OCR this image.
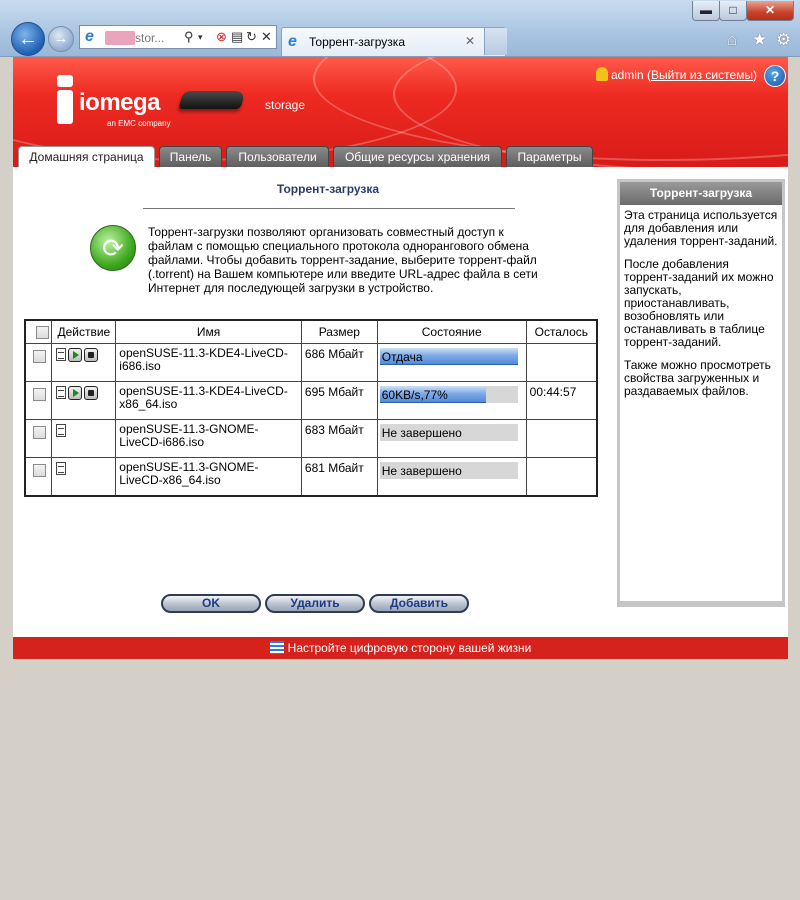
▬	□	✕
←	→	e http://stor... ⚲ ▾ ⊗ ▤ ↻ ✕ e	Торрент-загрузка	✕	⌂ ★ ⚙
iomega
an EMC company
storage
admin (Выйти из системы) ?
Домашняя страница	Панель	Пользователи	Общие ресурсы хранения	Параметры
Торрент-загрузка
⟳
Торрент-загрузки позволяют организовать совместный доступ к файлам с помощью специального протокола однорангового обмена файлами. Чтобы добавить торрент-задание, выберите торрент-файл (.torrent) на Вашем компьютере или введите URL-адрес файла в сети Интернет для последующей загрузки в устройство.
	Действие	Имя	Размер	Состояние	Осталось
		openSUSE-11.3-KDE4-LiveCD-i686.iso	686 Мбайт	Отдача	

		openSUSE-11.3-KDE4-LiveCD-x86_64.iso	695 Мбайт	60KB/s,77%	00:44:57
		openSUSE-11.3-GNOME-LiveCD-i686.iso	683 Мбайт	Не завершено	

		openSUSE-11.3-GNOME-LiveCD-x86_64.iso	681 Мбайт	Не завершено	

OK	Удалить	Добавить
Торрент-загрузка

Эта страница используется для добавления или удаления торрент-заданий.

После добавления торрент-заданий их можно запускать, приостанавливать, возобновлять или останавливать в таблице торрент-заданий.

Также можно просмотреть свойства загруженных и раздаваемых файлов.

Настройте цифровую сторону вашей жизни
